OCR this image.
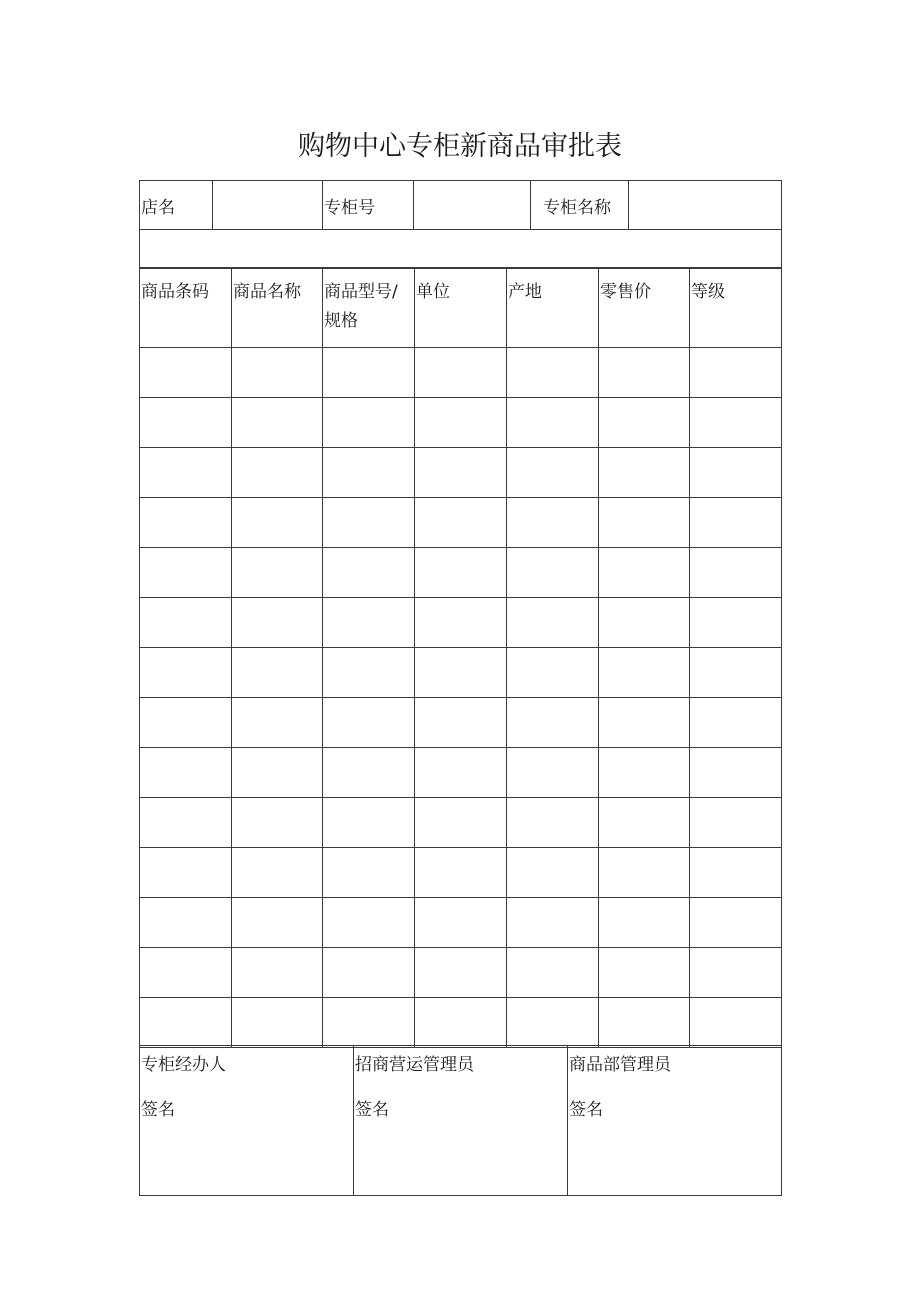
购物中心专柜新商品审批表
店名		专柜号		专柜名称

商品条码	商品名称	商品型号/规格	单位	产地	零售价	等级

专柜经办人
签名

招商营运管理员
签名

商品部管理员
签名
